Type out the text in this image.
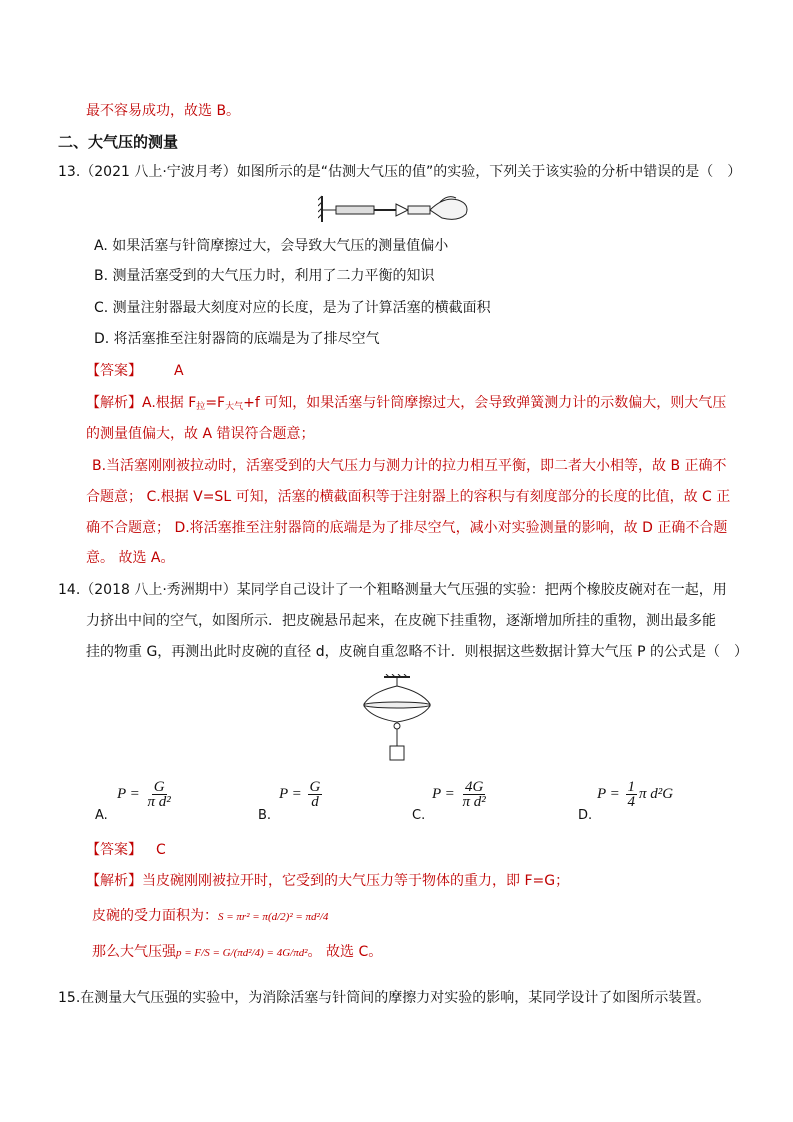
最不容易成功，故选 B。
二、大气压的测量
13.（2021 八上·宁波月考）如图所示的是“估测大气压的值”的实验，下列关于该实验的分析中错误的是（　）
A. 如果活塞与针筒摩擦过大，会导致大气压的测量值偏小
B. 测量活塞受到的大气压力时，利用了二力平衡的知识
C. 测量注射器最大刻度对应的长度，是为了计算活塞的横截面积
D. 将活塞推至注射器筒的底端是为了排尽空气
【答案】 A
【解析】A.根据 $F_拉=F_{大气}+f$ 可知，如果活塞与针筒摩擦过大，会导致弹簧测力计的示数偏大，则大气压
的测量值偏大，故 A 错误符合题意；
B.当活塞刚刚被拉动时，活塞受到的大气压力与测力计的拉力相互平衡，即二者大小相等，故 B 正确不
合题意； C.根据 V=SL 可知，活塞的横截面积等于注射器上的容积与有刻度部分的长度的比值，故 C 正
确不合题意； D.将活塞推至注射器筒的底端是为了排尽空气，减小对实验测量的影响，故 D 正确不合题
意。 故选 A。
14.（2018 八上·秀洲期中）某同学自己设计了一个粗略测量大气压强的实验：把两个橡胶皮碗对在一起，用
力挤出中间的空气，如图所示．把皮碗悬吊起来，在皮碗下挂重物，逐渐增加所挂的重物，测出最多能
挂的物重 G，再测出此时皮碗的直径 d，皮碗自重忽略不计．则根据这些数据计算大气压 P 的公式是（　）
$P = \frac{G}{\text{π d²}}$
A.
$P = \frac{G}{d}$
B.
$P = \frac{4G}{\text{π d²}}$
C.
$P = \frac{1}{4}$ π d²G
D.
【答案】 C
【解析】当皮碗刚刚被拉开时，它受到的大气压力等于物体的重力，即 F=G；
皮碗的受力面积为：S = πr² = π(d/2)² = πd²/4
那么大气压强p = F/S = G/(πd²/4) = 4G/πd²。 故选 C。
15.在测量大气压强的实验中，为消除活塞与针筒间的摩擦力对实验的影响，某同学设计了如图所示装置。
